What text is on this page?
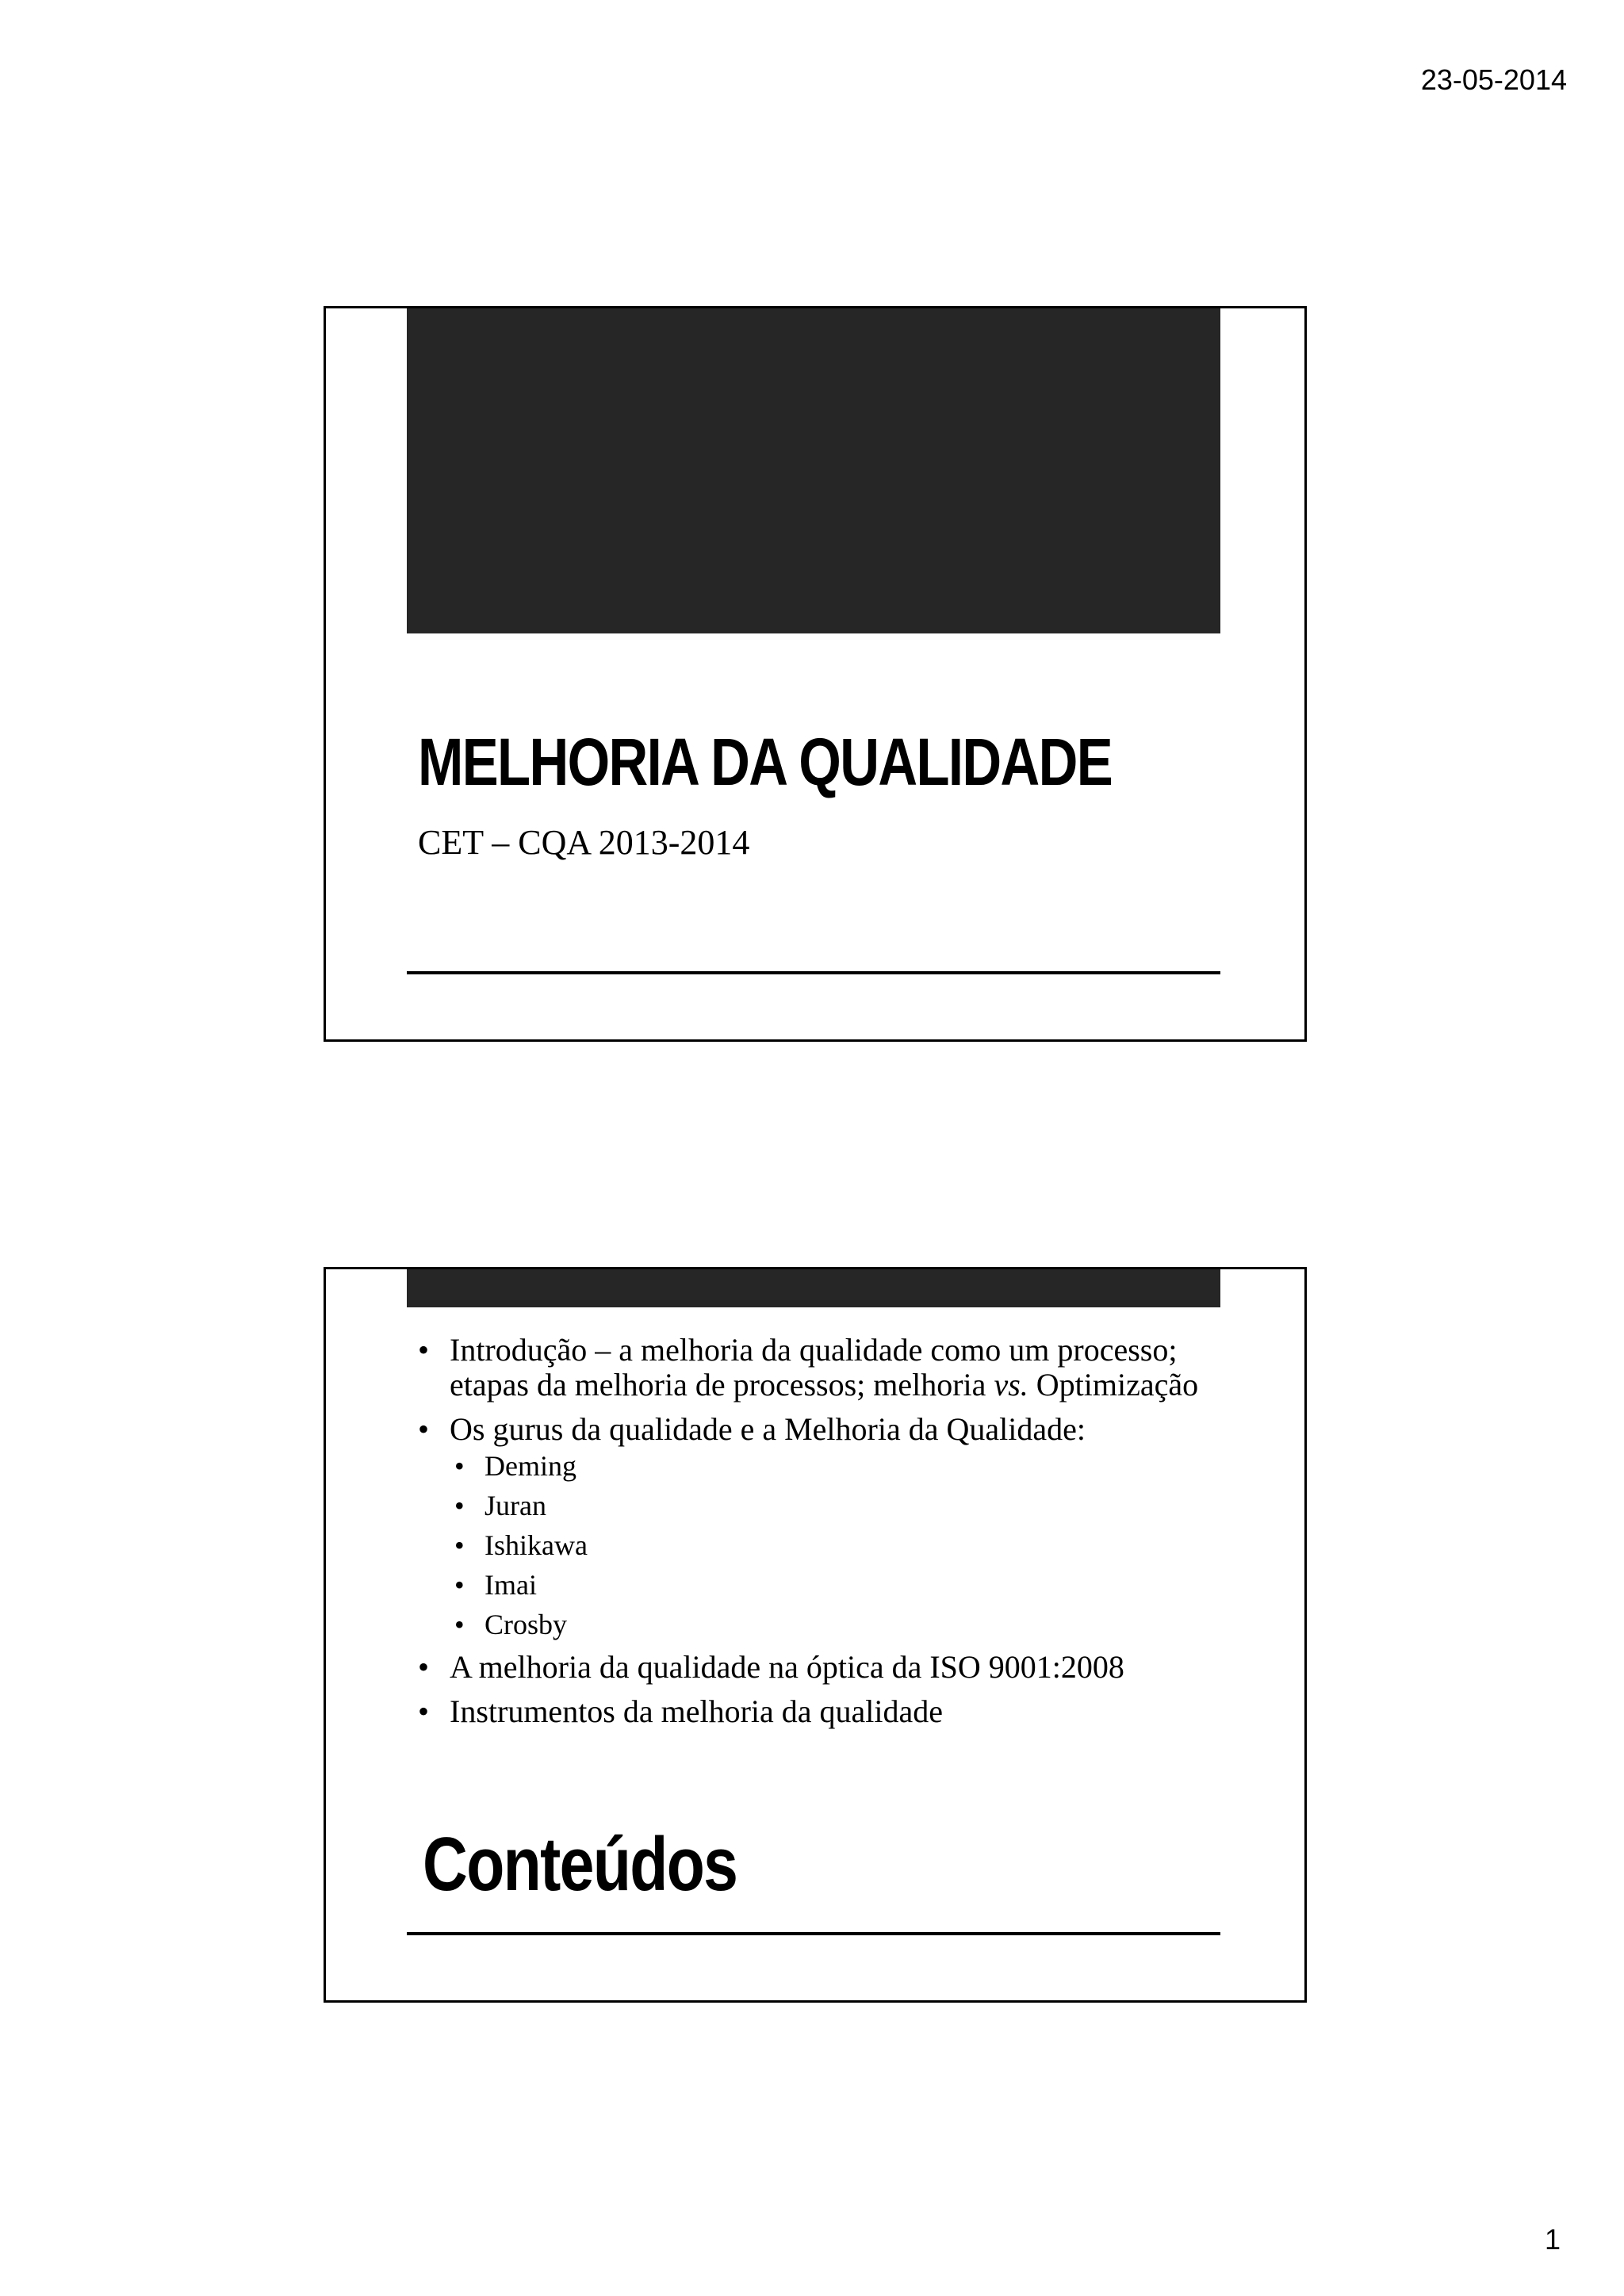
23-05-2014
MELHORIA DA QUALIDADE
CET – CQA 2013-2014
• Introdução – a melhoria da qualidade como um processo; etapas da melhoria de processos; melhoria vs. Optimização
• Os gurus da qualidade e a Melhoria da Qualidade:
• Deming
• Juran
• Ishikawa
• Imai
• Crosby
• A melhoria da qualidade na óptica da ISO 9001:2008
• Instrumentos da melhoria da qualidade
Conteúdos
1
